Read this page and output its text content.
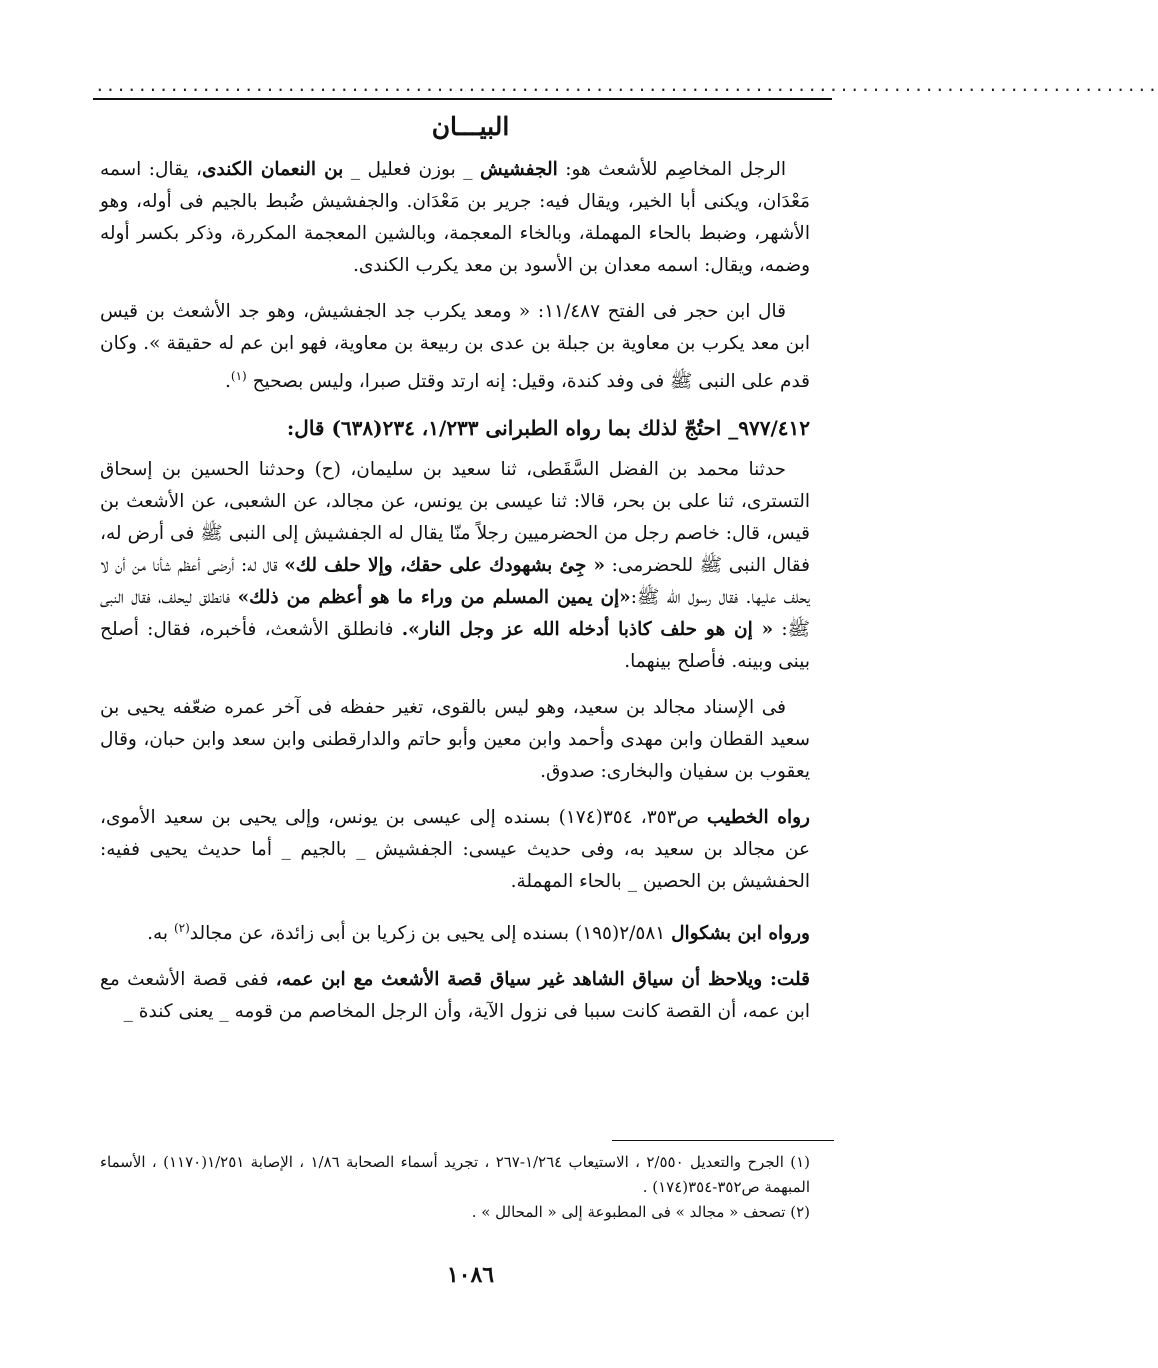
....................................................................................................
البيـــان

الرجل المخاصِم للأشعث هو: الجفشيش _ بوزن فعليل _ بن النعمان الكندى، يقال: اسمه مَعْدَان، ويكنى أبا الخير، ويقال فيه: جرير بن مَعْدَان. والجفشيش ضُبط بالجيم فى أوله، وهو الأشهر، وضبط بالحاء المهملة، وبالخاء المعجمة، وبالشين المعجمة المكررة، وذكر بكسر أوله وضمه، ويقال: اسمه معدان بن الأسود بن معد يكرب الكندى.

قال ابن حجر فى الفتح ١١/٤٨٧: « ومعد يكرب جد الجفشيش، وهو جد الأشعث بن قيس ابن معد يكرب بن معاوية بن جبلة بن عدى بن ربيعة بن معاوية، فهو ابن عم له حقيقة ». وكان قدم على النبى ﷺ فى وفد كندة، وقيل: إنه ارتد وقتل صبرا، وليس بصحيح $^{(١)}$.

٩٧٧/٤١٢_ احتُجّ لذلك بما رواه الطبرانى ١/٢٣٣، ٢٣٤(٦٣٨) قال:

حدثنا محمد بن الفضل السَّقَطى، ثنا سعيد بن سليمان، (ح) وحدثنا الحسين بن إسحاق التسترى، ثنا على بن بحر، قالا: ثنا عيسى بن يونس، عن مجالد، عن الشعبى، عن الأشعث بن قيس، قال: خاصم رجل من الحضرميين رجلاً منّا يقال له الجفشيش إلى النبى ﷺ فى أرض له، فقال النبى ﷺ للحضرمى: « جِئ بشهودك على حقك، وإلا حلف لك» قال له: أرضى أعظم شأنا من أن لا يحلف عليها. فقال رسول الله ﷺ:«إن يمين المسلم من وراء ما هو أعظم من ذلك» فانطلق ليحلف، فقال النبى ﷺ: « إن هو حلف كاذبا أدخله الله عز وجل النار». فانطلق الأشعث، فأخبره، فقال: أصلح بينى وبينه. فأصلح بينهما.

فى الإسناد مجالد بن سعيد، وهو ليس بالقوى، تغير حفظه فى آخر عمره ضعّفه يحيى بن سعيد القطان وابن مهدى وأحمد وابن معين وأبو حاتم والدارقطنى وابن سعد وابن حبان، وقال يعقوب بن سفيان والبخارى: صدوق.

رواه الخطيب ص٣٥٣، ٣٥٤(١٧٤) بسنده إلى عيسى بن يونس، وإلى يحيى بن سعيد الأموى، عن مجالد بن سعيد به، وفى حديث عيسى: الجفشيش _ بالجيم _ أما حديث يحيى ففيه: الحفشيش بن الحصين _ بالحاء المهملة.

ورواه ابن بشكوال ٢/٥٨١(١٩٥) بسنده إلى يحيى بن زكريا بن أبى زائدة، عن مجالد$^{(٢)}$ به.

قلت: ويلاحظ أن سياق الشاهد غير سياق قصة الأشعث مع ابن عمه، ففى قصة الأشعث مع ابن عمه، أن القصة كانت سببا فى نزول الآية، وأن الرجل المخاصم من قومه _ يعنى كندة _

(١) الجرح والتعديل ٢/٥٥٠ ، الاستيعاب ١/٢٦٤-٢٦٧ ، تجريد أسماء الصحابة ١/٨٦ ، الإصابة ١/٢٥١(١١٧٠) ، الأسماء المبهمة ص٣٥٢-٣٥٤(١٧٤) .

(٢) تصحف « مجالد » فى المطبوعة إلى « المحالل » .

١٠٨٦
